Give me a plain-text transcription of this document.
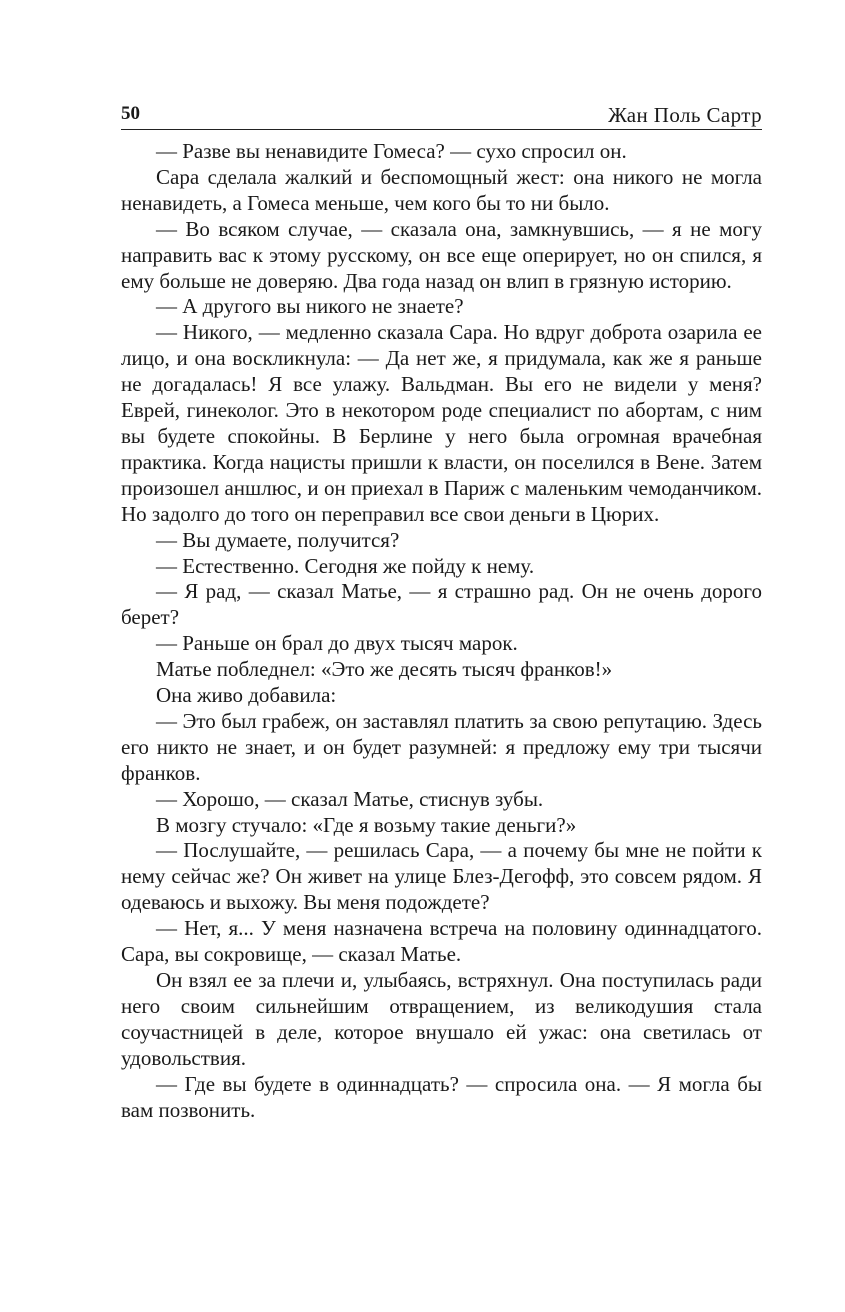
50	Жан Поль Сартр

— Разве вы ненавидите Гомеса? — сухо спросил он.

Сара сделала жалкий и беспомощный жест: она никого не могла ненавидеть, а Гомеса меньше, чем кого бы то ни было.

— Во всяком случае, — сказала она, замкнувшись, — я не могу направить вас к этому русскому, он все еще оперирует, но он спился, я ему больше не доверяю. Два года назад он влип в грязную историю.

— А другого вы никого не знаете?

— Никого, — медленно сказала Сара. Но вдруг доброта озарила ее лицо, и она воскликнула: — Да нет же, я придумала, как же я раньше не догадалась! Я все улажу. Вальдман. Вы его не видели у меня? Еврей, гинеколог. Это в некотором роде специалист по абортам, с ним вы будете спокойны. В Берлине у него была огромная врачебная практика. Когда нацисты пришли к власти, он поселился в Вене. Затем произошел аншлюс, и он приехал в Париж с маленьким чемоданчиком. Но задолго до того он переправил все свои деньги в Цюрих.

— Вы думаете, получится?

— Естественно. Сегодня же пойду к нему.

— Я рад, — сказал Матье, — я страшно рад. Он не очень дорого берет?

— Раньше он брал до двух тысяч марок.

Матье побледнел: «Это же десять тысяч франков!»

Она живо добавила:

— Это был грабеж, он заставлял платить за свою репутацию. Здесь его никто не знает, и он будет разумней: я предложу ему три тысячи франков.

— Хорошо, — сказал Матье, стиснув зубы.

В мозгу стучало: «Где я возьму такие деньги?»

— Послушайте, — решилась Сара, — а почему бы мне не пойти к нему сейчас же? Он живет на улице Блез-Дегофф, это совсем рядом. Я одеваюсь и выхожу. Вы меня подождете?

— Нет, я... У меня назначена встреча на половину одиннадцатого. Сара, вы сокровище, — сказал Матье.

Он взял ее за плечи и, улыбаясь, встряхнул. Она поступилась ради него своим сильнейшим отвращением, из великодушия стала соучастницей в деле, которое внушало ей ужас: она светилась от удовольствия.

— Где вы будете в одиннадцать? — спросила она. — Я могла бы вам позвонить.
